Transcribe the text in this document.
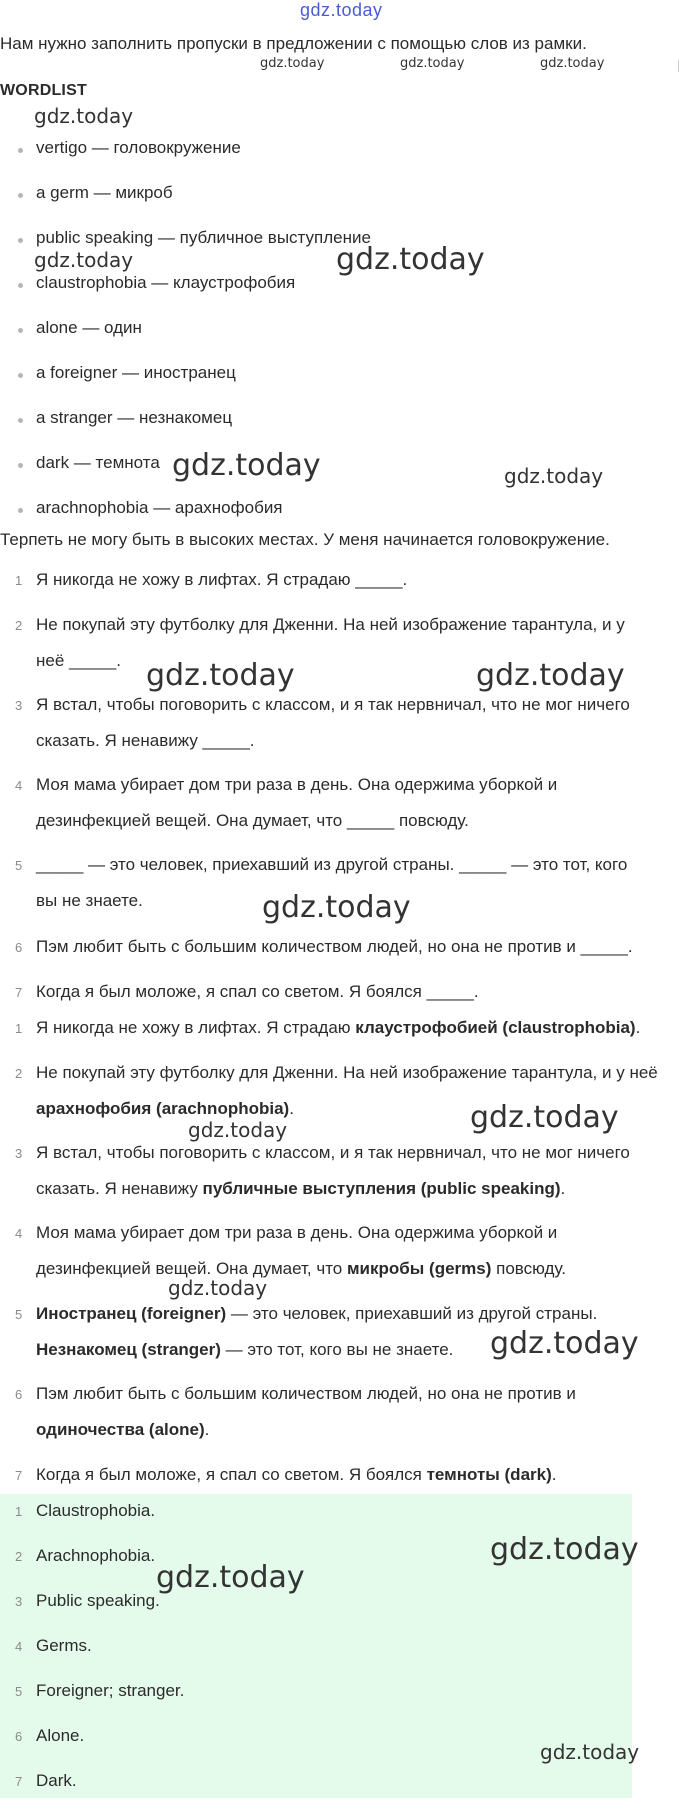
gdz.today
Нам нужно заполнить пропуски в предложении с помощью слов из рамки.
WORDLIST
vertigo — головокружение
a germ — микроб
public speaking — публичное выступление
claustrophobia — клаустрофобия
alone — один
a foreigner — иностранец
a stranger — незнакомец
dark — темнота
arachnophobia — арахнофобия
Терпеть не могу быть в высоких местах. У меня начинается головокружение.
1 Я никогда не хожу в лифтах. Я страдаю _____.
2 Не покупай эту футболку для Дженни. На ней изображение тарантула, и у
неё _____.
3 Я встал, чтобы поговорить с классом, и я так нервничал, что не мог ничего
сказать. Я ненавижу _____.
4 Моя мама убирает дом три раза в день. Она одержима уборкой и
дезинфекцией вещей. Она думает, что _____ повсюду.
5 _____ — это человек, приехавший из другой страны. _____ — это тот, кого
вы не знаете.
6 Пэм любит быть с большим количеством людей, но она не против и _____.
7 Когда я был моложе, я спал со светом. Я боялся _____.
1 Я никогда не хожу в лифтах. Я страдаю клаустрофобией (claustrophobia).
2 Не покупай эту футболку для Дженни. На ней изображение тарантула, и у неё арахнофобия (arachnophobia).
3 Я встал, чтобы поговорить с классом, и я так нервничал, что не мог ничего сказать. Я ненавижу публичные выступления (public speaking).
4 Моя мама убирает дом три раза в день. Она одержима уборкой и дезинфекцией вещей. Она думает, что микробы (germs) повсюду.
5 Иностранец (foreigner) — это человек, приехавший из другой страны.
Незнакомец (stranger) — это тот, кого вы не знаете.
6 Пэм любит быть с большим количеством людей, но она не против и
одиночества (alone).
7 Когда я был моложе, я спал со светом. Я боялся темноты (dark).
1 Claustrophobia.
2 Arachnophobia.
3 Public speaking.
4 Germs.
5 Foreigner; stranger.
6 Alone.
7 Dark.
gdz.today	gdz.today	gdz.today
gdz.today
gdz.today	gdz.today
gdz.today	gdz.today
gdz.today	gdz.today
gdz.today
gdz.today
gdz.today
gdz.today
gdz.today
gdz.today
gdz.today
gdz.today
